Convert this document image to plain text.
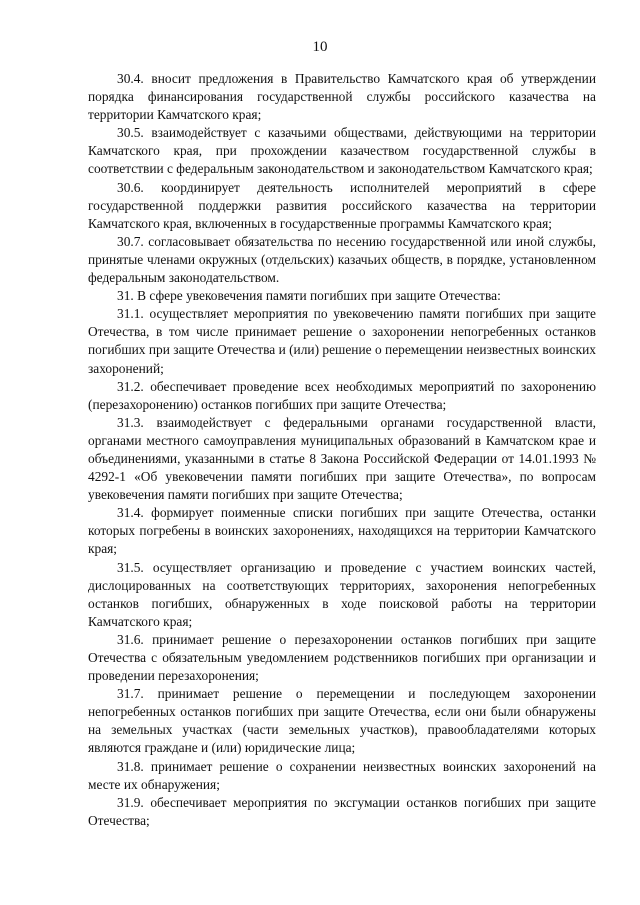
10

30.4. вносит предложения в Правительство Камчатского края об утверждении порядка финансирования государственной службы российского казачества на территории Камчатского края;

30.5. взаимодействует с казачьими обществами, действующими на территории Камчатского края, при прохождении казачеством государственной службы в соответствии с федеральным законодательством и законодательством Камчатского края;

30.6. координирует деятельность исполнителей мероприятий в сфере государственной поддержки развития российского казачества на территории Камчатского края, включенных в государственные программы Камчатского края;

30.7. согласовывает обязательства по несению государственной или иной службы, принятые членами окружных (отдельских) казачьих обществ, в порядке, установленном федеральным законодательством.

31. В сфере увековечения памяти погибших при защите Отечества:

31.1. осуществляет мероприятия по увековечению памяти погибших при защите Отечества, в том числе принимает решение о захоронении непогребенных останков погибших при защите Отечества и (или) решение о перемещении неизвестных воинских захоронений;

31.2. обеспечивает проведение всех необходимых мероприятий по захоронению (перезахоронению) останков погибших при защите Отечества;

31.3. взаимодействует с федеральными органами государственной власти, органами местного самоуправления муниципальных образований в Камчатском крае и объединениями, указанными в статье 8 Закона Российской Федерации от 14.01.1993 № 4292-1 «Об увековечении памяти погибших при защите Отечества», по вопросам увековечения памяти погибших при защите Отечества;

31.4. формирует поименные списки погибших при защите Отечества, останки которых погребены в воинских захоронениях, находящихся на территории Камчатского края;

31.5. осуществляет организацию и проведение с участием воинских частей, дислоцированных на соответствующих территориях, захоронения непогребенных останков погибших, обнаруженных в ходе поисковой работы на территории Камчатского края;

31.6. принимает решение о перезахоронении останков погибших при защите Отечества с обязательным уведомлением родственников погибших при организации и проведении перезахоронения;

31.7. принимает решение о перемещении и последующем захоронении непогребенных останков погибших при защите Отечества, если они были обнаружены на земельных участках (части земельных участков), правообладателями которых являются граждане и (или) юридические лица;

31.8. принимает решение о сохранении неизвестных воинских захоронений на месте их обнаружения;

31.9. обеспечивает мероприятия по эксгумации останков погибших при защите Отечества;
